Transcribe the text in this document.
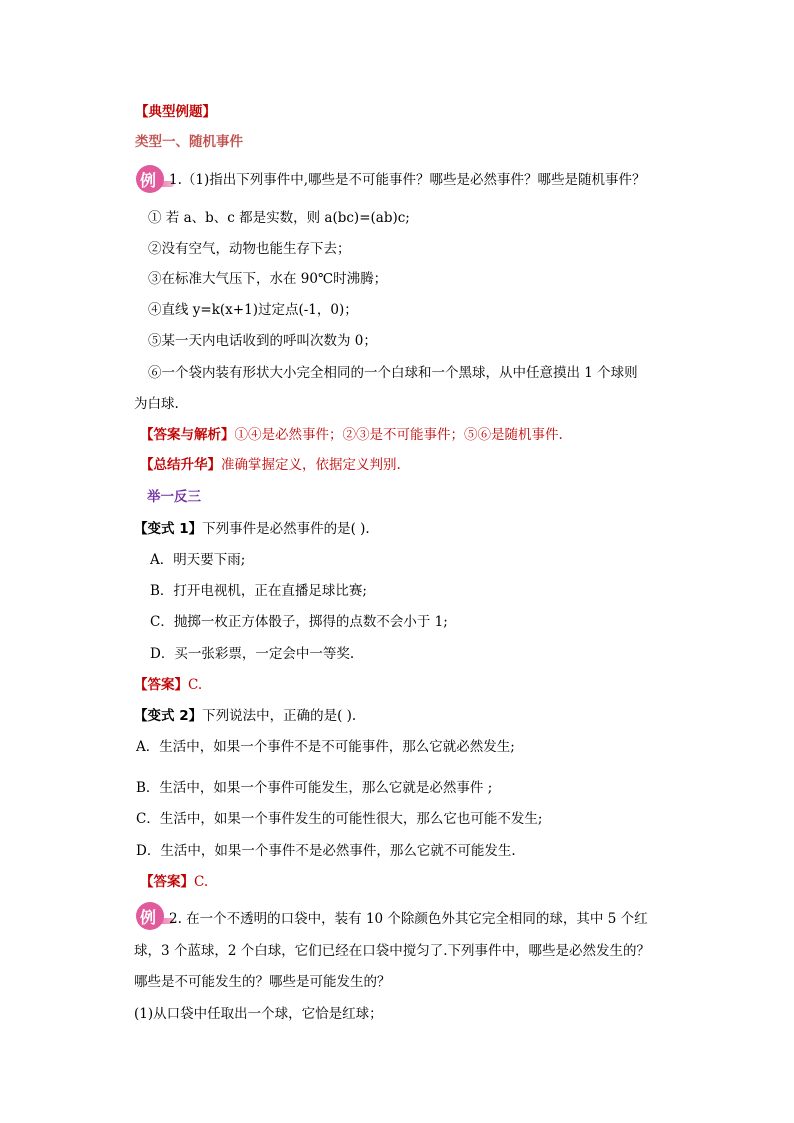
【典型例题】
类型一、随机事件
例 1.（1)指出下列事件中,哪些是不可能事件？哪些是必然事件？哪些是随机事件？
① 若 a、b、c 都是实数，则 a(bc)=(ab)c;
②没有空气，动物也能生存下去；
③在标准大气压下，水在 90℃时沸腾；
④直线 y=k(x+1)过定点(-1，0)；
⑤某一天内电话收到的呼叫次数为 0；
⑥一个袋内装有形状大小完全相同的一个白球和一个黑球，从中任意摸出 1 个球则
为白球.
【答案与解析】①④是必然事件；②③是不可能事件；⑤⑥是随机事件.
【总结升华】准确掌握定义，依据定义判别.
举一反三
【变式 1】下列事件是必然事件的是( ).
A．明天要下雨;
B．打开电视机，正在直播足球比赛;
C．抛掷一枚正方体骰子，掷得的点数不会小于 1;
D．买一张彩票，一定会中一等奖.
【答案】C.
【变式 2】下列说法中，正确的是( ).
A．生活中，如果一个事件不是不可能事件，那么它就必然发生;
B．生活中，如果一个事件可能发生，那么它就是必然事件 ;
C．生活中，如果一个事件发生的可能性很大，那么它也可能不发生;
D．生活中，如果一个事件不是必然事件，那么它就不可能发生.
【答案】C.
例 2. 在一个不透明的口袋中，装有 10 个除颜色外其它完全相同的球，其中 5 个红
球，3 个蓝球，2 个白球，它们已经在口袋中搅匀了.下列事件中，哪些是必然发生的？
哪些是不可能发生的？哪些是可能发生的？
(1)从口袋中任取出一个球，它恰是红球；
